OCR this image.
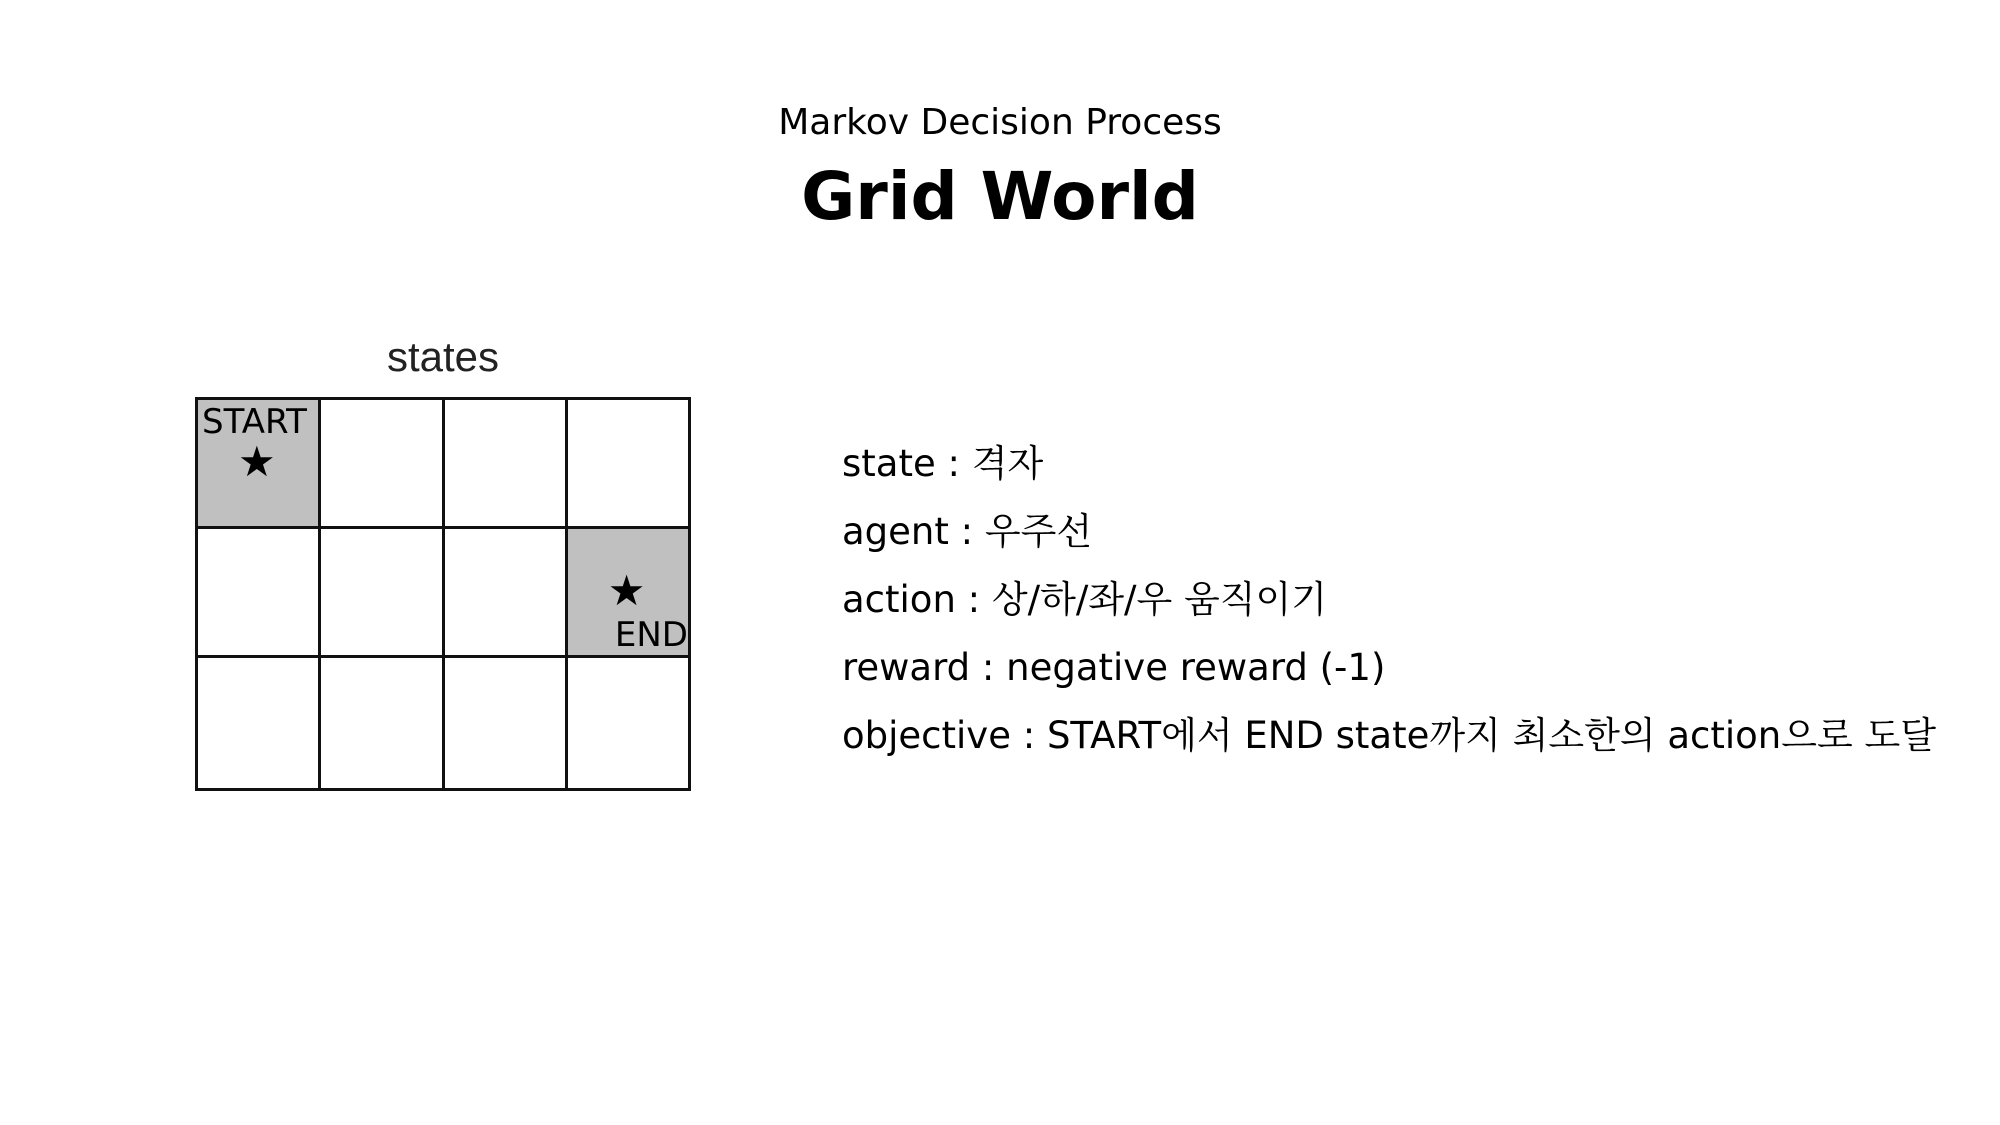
Markov Decision Process
Grid World
states
START
★			

			★
END

state : 격자
agent : 우주선
action : 상/하/좌/우 움직이기
reward : negative reward (-1)
objective : START에서 END state까지 최소한의 action으로 도달
